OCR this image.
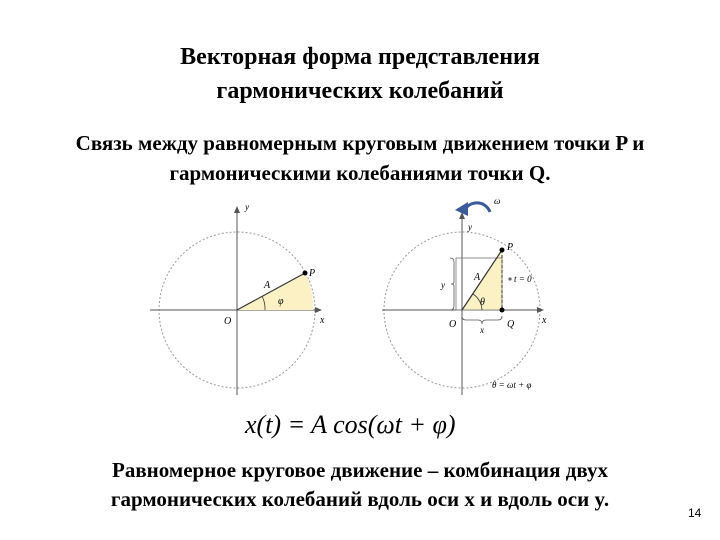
Векторная форма представления
гармонических колебаний
Связь между равномерным круговым движением точки P и
гармоническими колебаниями точки Q.
y
x
O
A
P
φ
ω
y
x
O
A
P
Q
θ
y
x
t = 0
θ = ωt + φ
x(t) = A cos(ωt + φ)
Равномерное круговое движение – комбинация двух
гармонических колебаний вдоль оси x и вдоль оси y.
14
